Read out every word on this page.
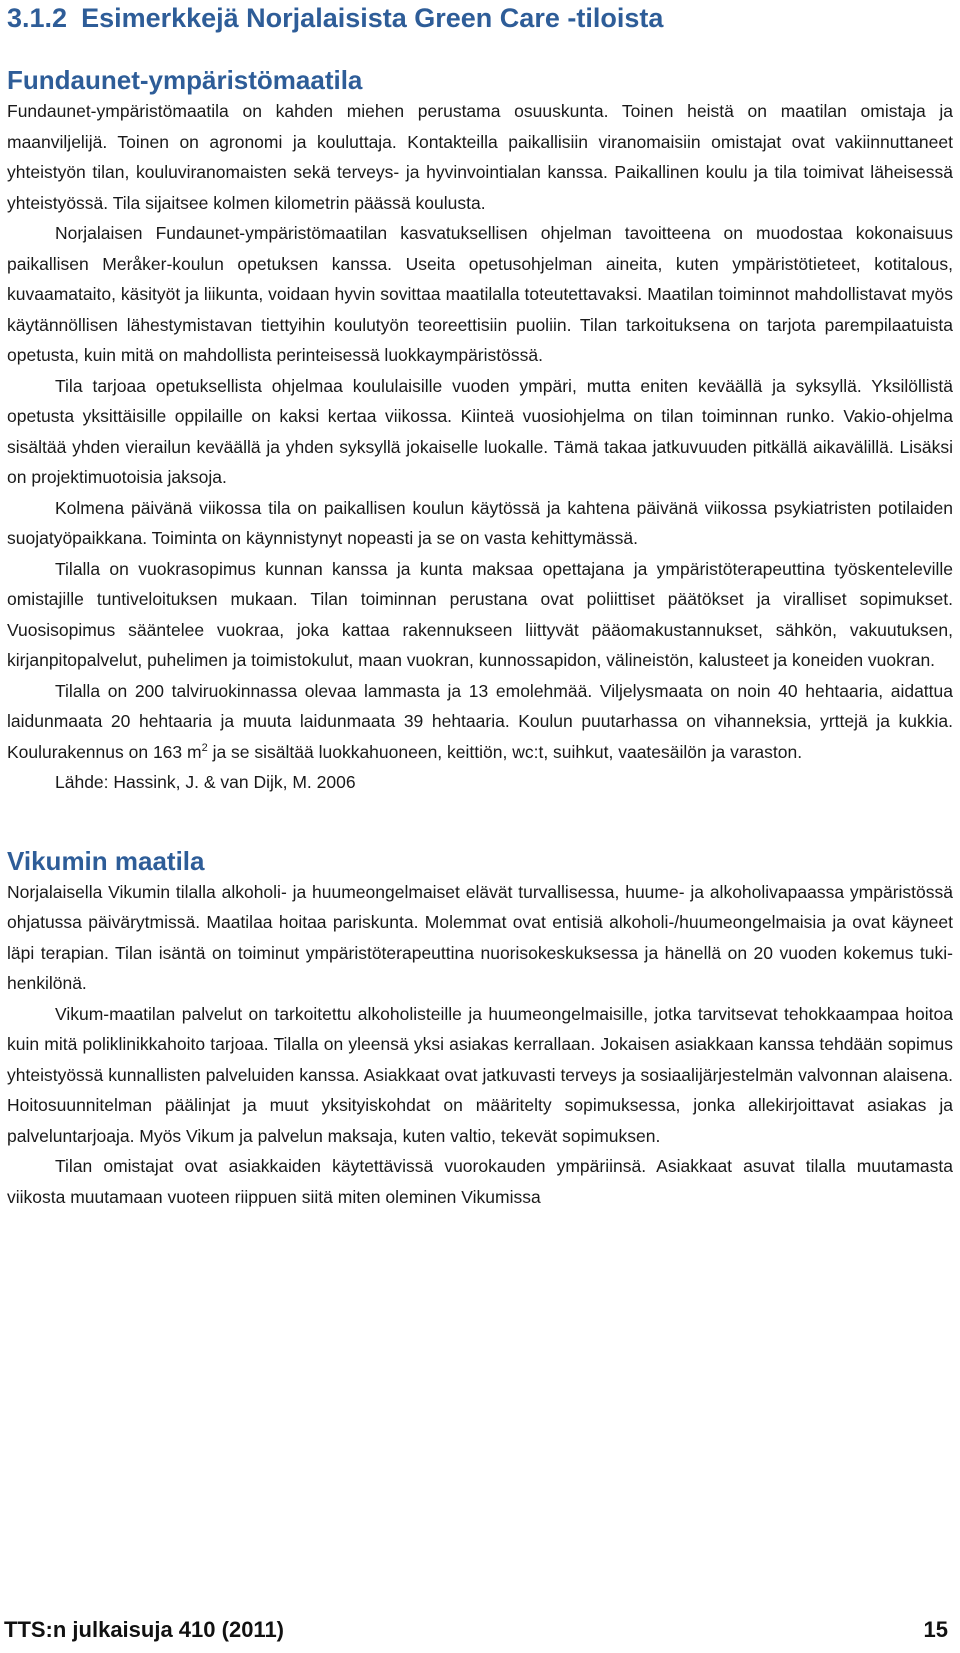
3.1.2 Esimerkkejä Norjalaisista Green Care -tiloista
Fundaunet-ympäristömaatila

Fundaunet-ympäristömaatila on kahden miehen perustama osuuskunta. Toinen heistä on maatilan omistaja ja maanviljelijä. Toinen on agronomi ja kouluttaja. Kontakteilla paikallisiin viranomaisiin omistajat ovat vakiinnuttaneet yhteistyön tilan, kouluviranomaisten sekä terveys- ja hyvinvointialan kanssa. Paikallinen koulu ja tila toimivat läheisessä yhteistyössä. Tila sijaitsee kolmen kilometrin päässä koulusta.

Norjalaisen Fundaunet-ympäristömaatilan kasvatuksellisen ohjelman tavoitteena on muodostaa kokonaisuus paikallisen Meråker-koulun opetuksen kanssa. Useita opetusohjelman aineita, kuten ympäristötieteet, kotitalous, kuvaamataito, käsityöt ja liikunta, voidaan hyvin sovittaa maatilalla toteutettavaksi. Maatilan toiminnot mahdollistavat myös käytännöllisen lähestymistavan tiettyihin koulutyön teoreettisiin puoliin. Tilan tarkoituksena on tarjota parempilaatuista opetusta, kuin mitä on mahdollista perinteisessä luokkaympäristössä.

Tila tarjoaa opetuksellista ohjelmaa koululaisille vuoden ympäri, mutta eniten keväällä ja syksyllä. Yksilöllistä opetusta yksittäisille oppilaille on kaksi kertaa viikossa. Kiinteä vuosiohjelma on tilan toiminnan runko. Vakio-ohjelma sisältää yhden vierailun keväällä ja yhden syksyllä jokaiselle luokalle. Tämä takaa jatkuvuuden pitkällä aikavälillä. Lisäksi on projektimuotoisia jaksoja.

Kolmena päivänä viikossa tila on paikallisen koulun käytössä ja kahtena päivänä viikossa psykiatristen potilaiden suojatyöpaikkana. Toiminta on käynnistynyt nopeasti ja se on vasta kehittymässä.

Tilalla on vuokrasopimus kunnan kanssa ja kunta maksaa opettajana ja ympäristöterapeuttina työskenteleville omistajille tuntiveloituksen mukaan. Tilan toiminnan perustana ovat poliittiset päätökset ja viralliset sopimukset. Vuosisopimus sääntelee vuokraa, joka kattaa rakennukseen liittyvät pääomakustannukset, sähkön, vakuutuksen, kirjanpitopalvelut, puhelimen ja toimistokulut, maan vuokran, kunnossapidon, välineistön, kalusteet ja koneiden vuokran.

Tilalla on 200 talviruokinnassa olevaa lammasta ja 13 emolehmää. Viljelysmaata on noin 40 hehtaaria, aidattua laidunmaata 20 hehtaaria ja muuta laidunmaata 39 hehtaaria. Koulun puutarhassa on vihanneksia, yrttejä ja kukkia. Koulurakennus on 163 $m^2$ ja se sisältää luokkahuoneen, keittiön, wc:t, suihkut, vaatesäilön ja varaston.

Lähde: Hassink, J. & van Dijk, M. 2006

Vikumin maatila

Norjalaisella Vikumin tilalla alkoholi- ja huumeongelmaiset elävät turvallisessa, huume- ja alkoholivapaassa ympäristössä ohjatussa päivärytmissä. Maatilaa hoitaa pariskunta. Molemmat ovat entisiä alkoholi-/huumeongelmaisia ja ovat käyneet läpi terapian. Tilan isäntä on toiminut ympäristöterapeuttina nuorisokeskuksessa ja hänellä on 20 vuoden kokemus tukihenkilönä.

Vikum-maatilan palvelut on tarkoitettu alkoholisteille ja huumeongelmaisille, jotka tarvitsevat tehokkaampaa hoitoa kuin mitä poliklinikkahoito tarjoaa. Tilalla on yleensä yksi asiakas kerrallaan. Jokaisen asiakkaan kanssa tehdään sopimus yhteistyössä kunnallisten palveluiden kanssa. Asiakkaat ovat jatkuvasti terveys ja sosiaalijärjestelmän valvonnan alaisena. Hoitosuunnitelman päälinjat ja muut yksityiskohdat on määritelty sopimuksessa, jonka allekirjoittavat asiakas ja palveluntarjoaja. Myös Vikum ja palvelun maksaja, kuten valtio, tekevät sopimuksen.

Tilan omistajat ovat asiakkaiden käytettävissä vuorokauden ympäriinsä. Asiakkaat asuvat tilalla muutamasta viikosta muutamaan vuoteen riippuen siitä miten oleminen Vikumissa

TTS:n julkaisuja 410 (2011)	15
